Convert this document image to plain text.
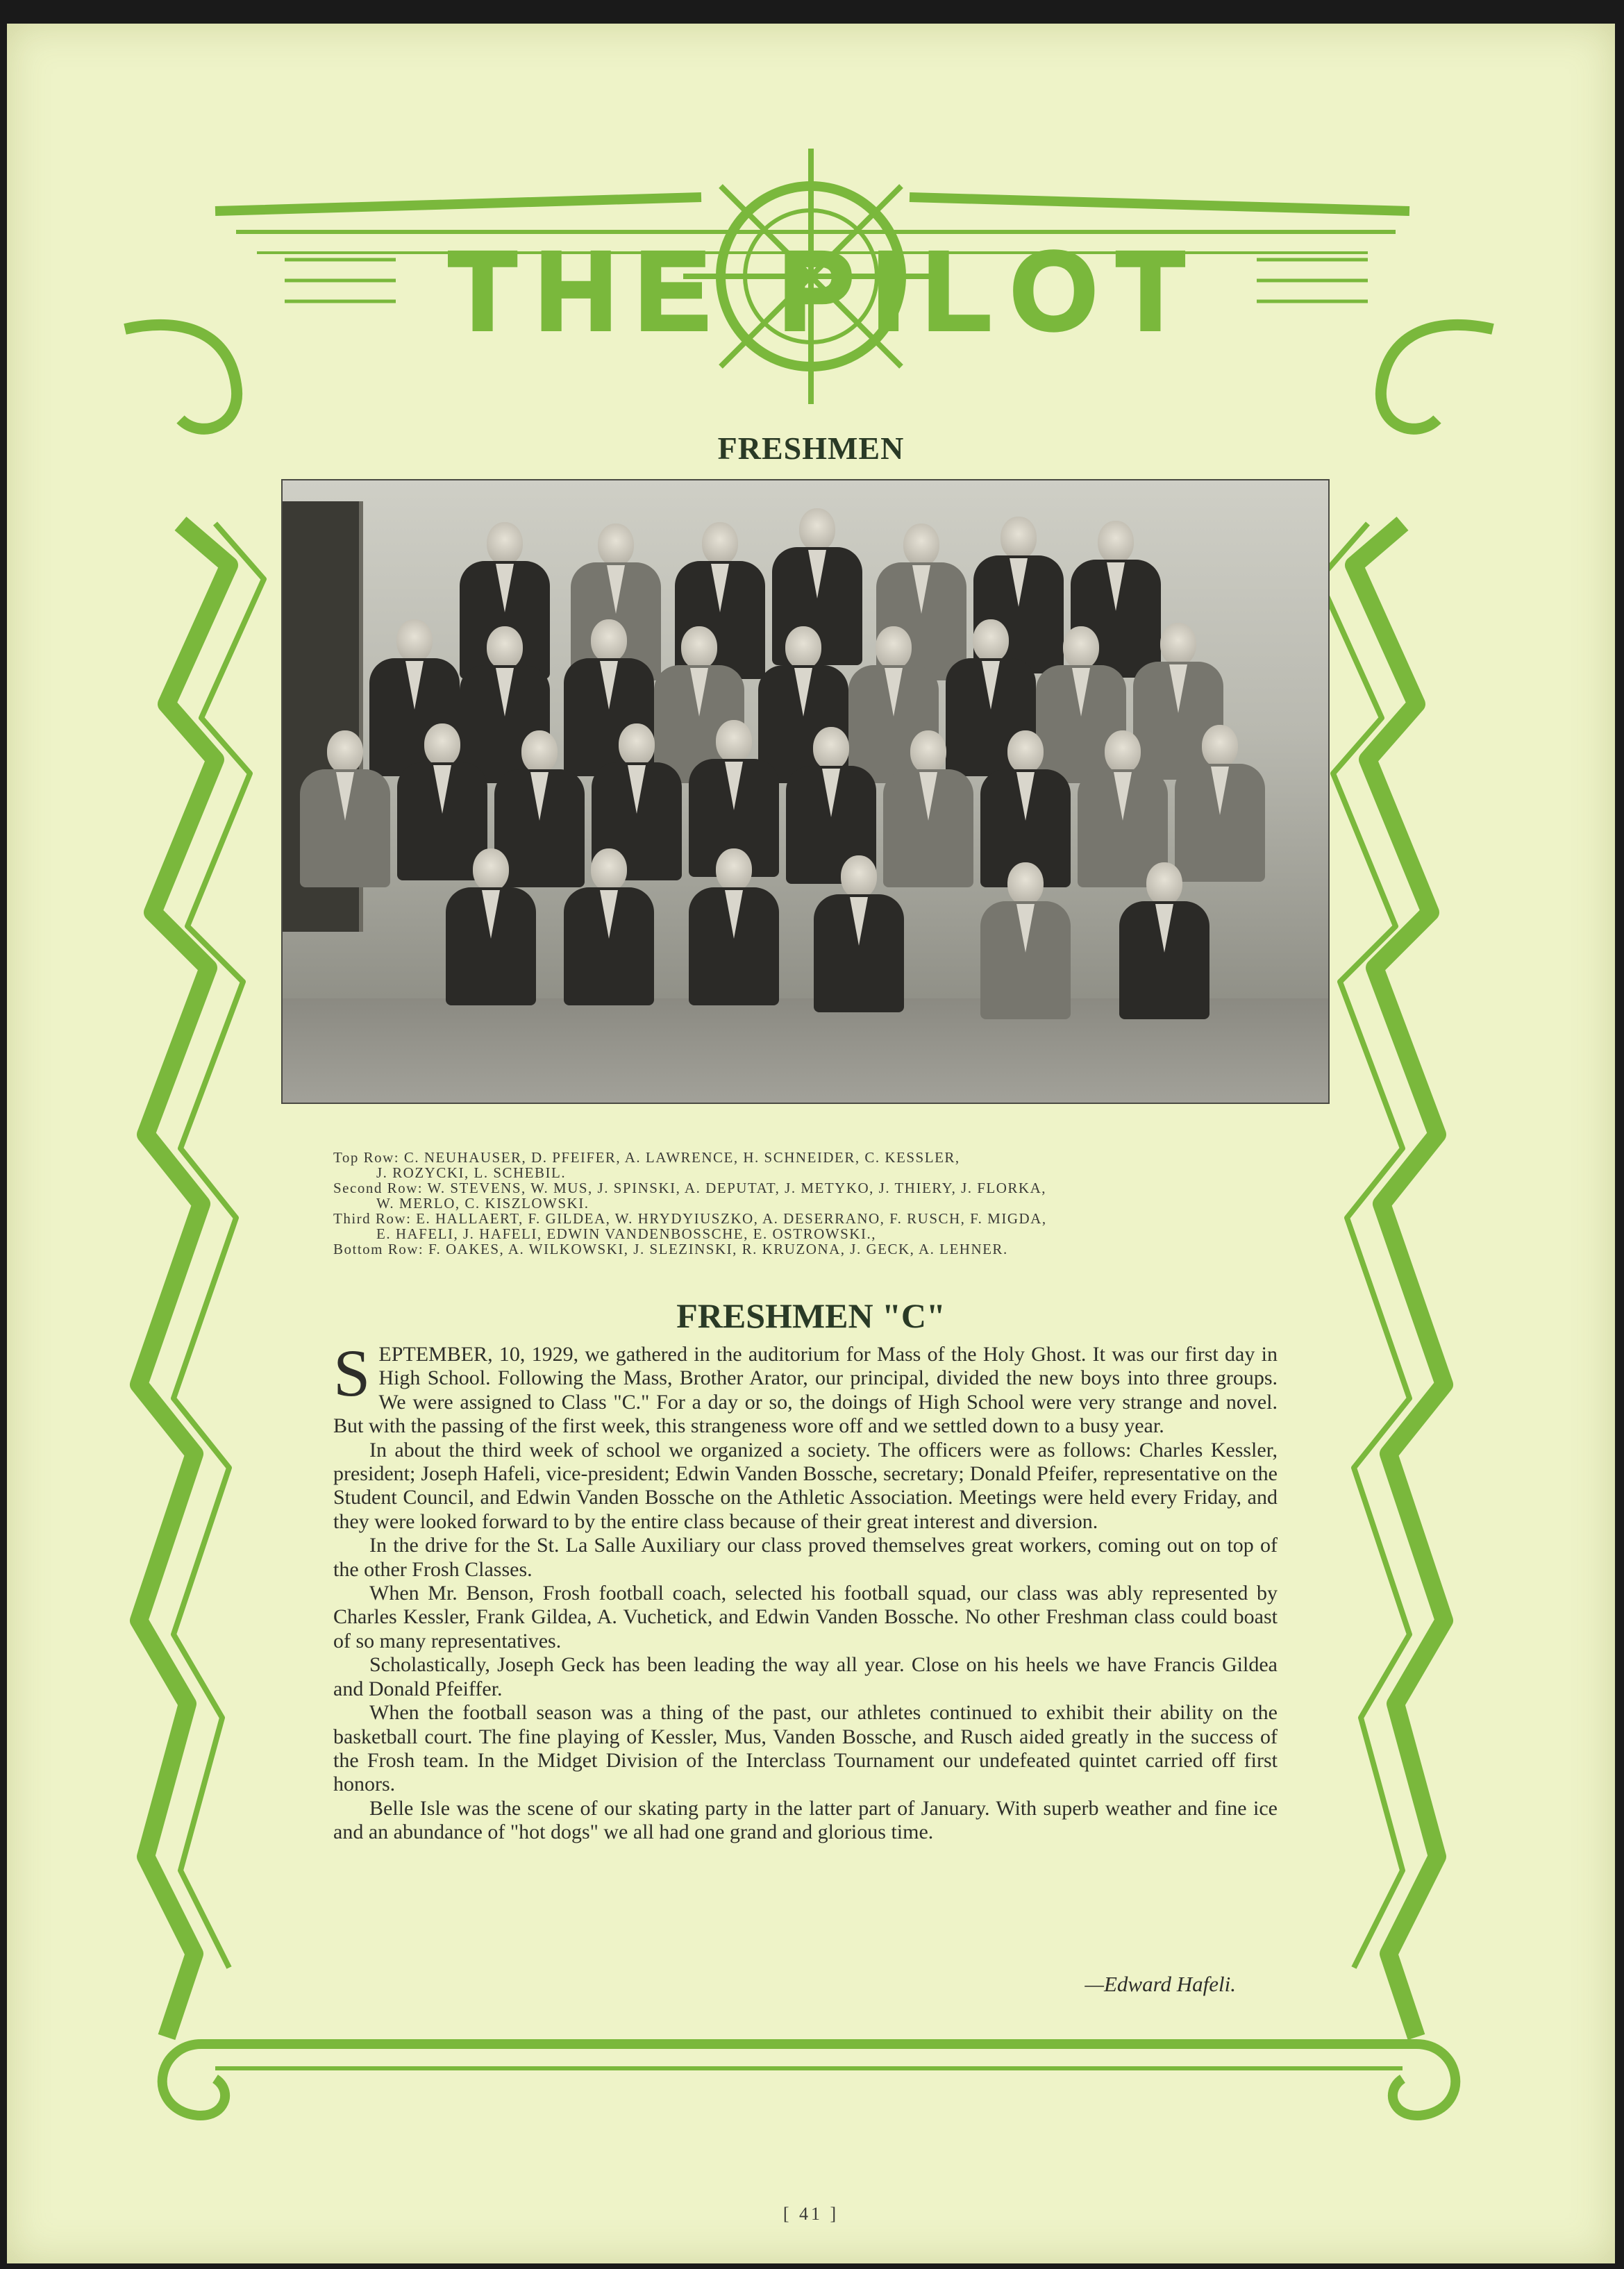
THE PILOT
FRESHMEN
Top Row: C. NEUHAUSER, D. PFEIFER, A. LAWRENCE, H. SCHNEIDER, C. KESSLER,
J. ROZYCKI, L. SCHEBIL.
Second Row: W. STEVENS, W. MUS, J. SPINSKI, A. DEPUTAT, J. METYKO, J. THIERY, J. FLORKA,
W. MERLO, C. KISZLOWSKI.
Third Row: E. HALLAERT, F. GILDEA, W. HRYDYIUSZKO, A. DESERRANO, F. RUSCH, F. MIGDA,
E. HAFELI, J. HAFELI, EDWIN VANDENBOSSCHE, E. OSTROWSKI.,
Bottom Row: F. OAKES, A. WILKOWSKI, J. SLEZINSKI, R. KRUZONA, J. GECK, A. LEHNER.
FRESHMEN "C"

SEPTEMBER, 10, 1929, we gathered in the auditorium for Mass of the Holy Ghost. It was our first day in High School. Following the Mass, Brother Arator, our principal, divided the new boys into three groups. We were assigned to Class "C." For a day or so, the doings of High School were very strange and novel. But with the passing of the first week, this strangeness wore off and we settled down to a busy year.

In about the third week of school we organized a society. The officers were as follows: Charles Kessler, president; Joseph Hafeli, vice-president; Edwin Vanden Bossche, secretary; Donald Pfeifer, representative on the Student Council, and Edwin Vanden Bossche on the Athletic Association. Meetings were held every Friday, and they were looked forward to by the entire class because of their great interest and diversion.

In the drive for the St. La Salle Auxiliary our class proved themselves great workers, coming out on top of the other Frosh Classes.

When Mr. Benson, Frosh football coach, selected his football squad, our class was ably represented by Charles Kessler, Frank Gildea, A. Vuchetick, and Edwin Vanden Bossche. No other Freshman class could boast of so many representatives.

Scholastically, Joseph Geck has been leading the way all year. Close on his heels we have Francis Gildea and Donald Pfeiffer.

When the football season was a thing of the past, our athletes continued to exhibit their ability on the basketball court. The fine playing of Kessler, Mus, Vanden Bossche, and Rusch aided greatly in the success of the Frosh team. In the Midget Division of the Interclass Tournament our undefeated quintet carried off first honors.

Belle Isle was the scene of our skating party in the latter part of January. With superb weather and fine ice and an abundance of "hot dogs" we all had one grand and glorious time.

—Edward Hafeli.
[ 41 ]
